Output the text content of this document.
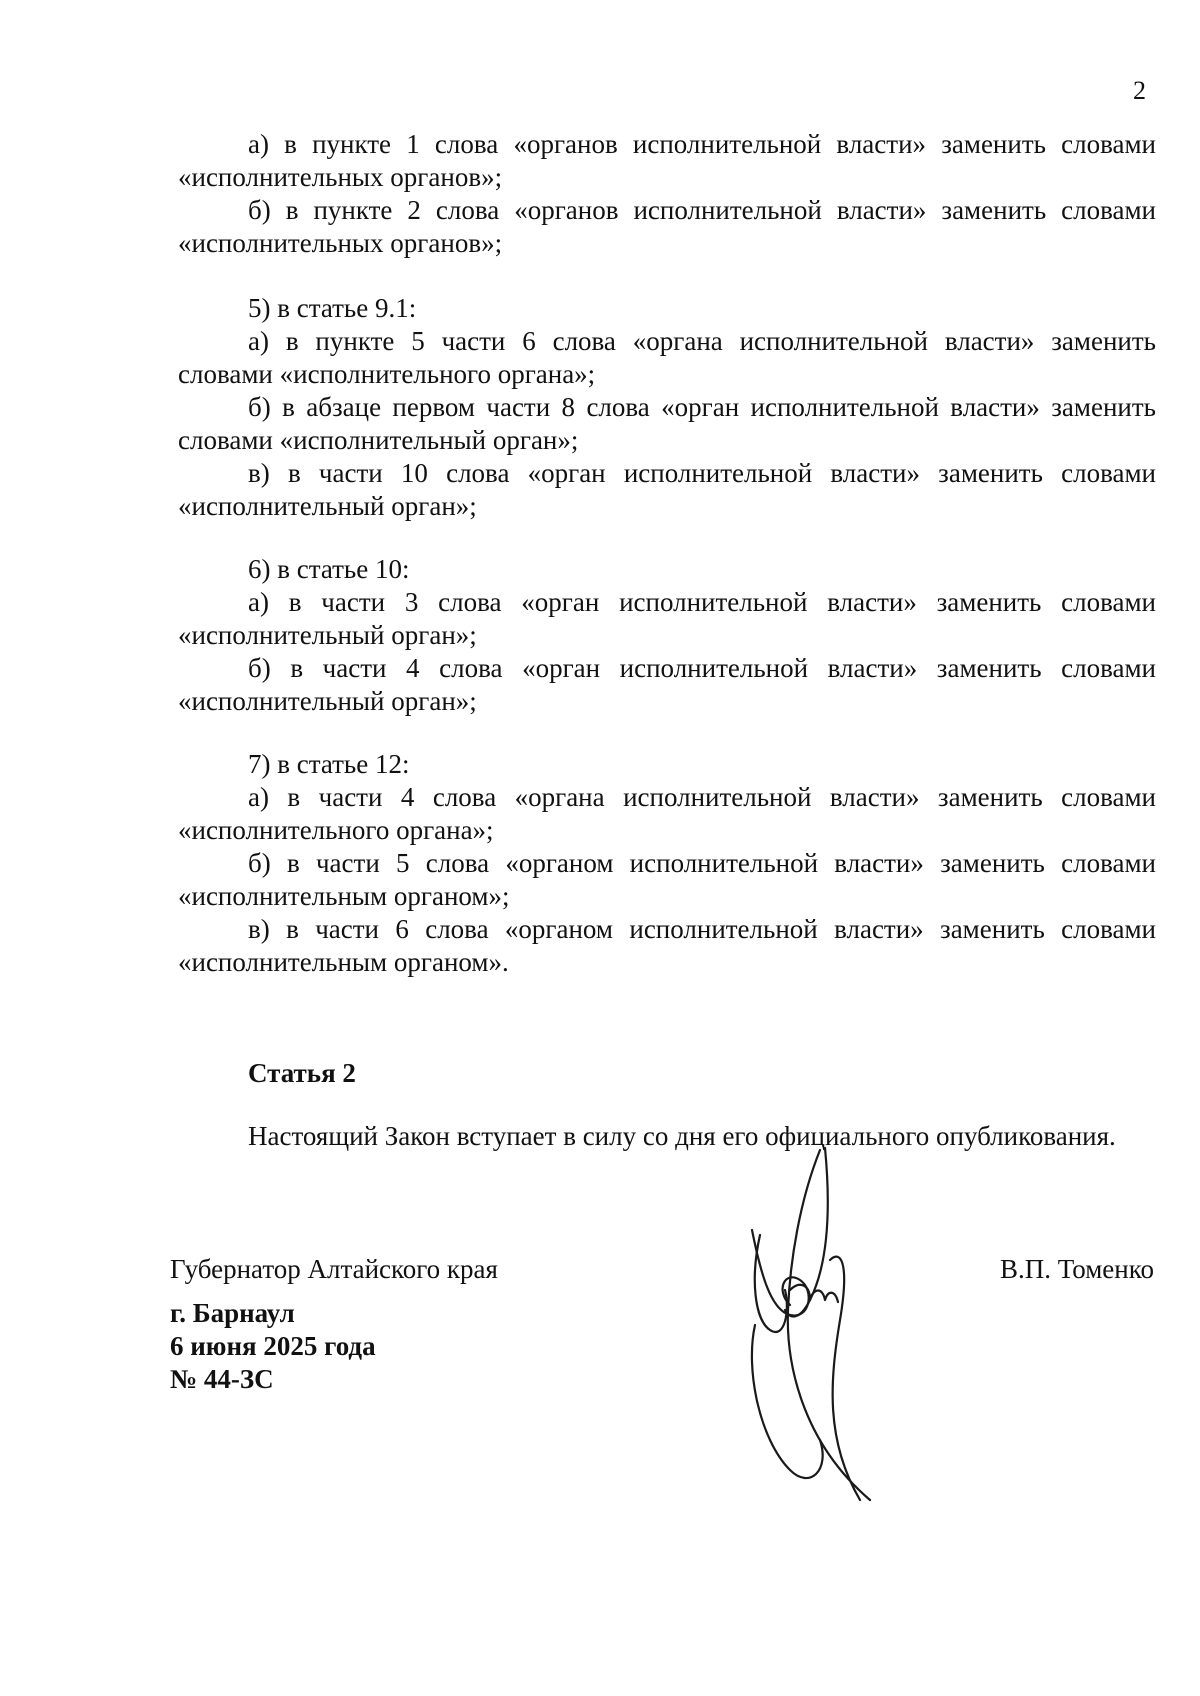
2

а) в пункте 1 слова «органов исполнительной власти» заменить словами «исполнительных органов»;

б) в пункте 2 слова «органов исполнительной власти» заменить словами «исполнительных органов»;

5) в статье 9.1:

а) в пункте 5 части 6 слова «органа исполнительной власти» заменить словами «исполнительного органа»;

б) в абзаце первом части 8 слова «орган исполнительной власти» заменить словами «исполнительный орган»;

в) в части 10 слова «орган исполнительной власти» заменить словами «исполнительный орган»;

6) в статье 10:

а) в части 3 слова «орган исполнительной власти» заменить словами «исполнительный орган»;

б) в части 4 слова «орган исполнительной власти» заменить словами «исполнительный орган»;

7) в статье 12:

а) в части 4 слова «органа исполнительной власти» заменить словами «исполнительного органа»;

б) в части 5 слова «органом исполнительной власти» заменить словами «исполнительным органом»;

в) в части 6 слова «органом исполнительной власти» заменить словами «исполнительным органом».

Статья 2

Настоящий Закон вступает в силу со дня его официального опубликования.

Губернатор Алтайского края	В.П. Томенко

г. Барнаул

6 июня 2025 года

№ 44-ЗС
